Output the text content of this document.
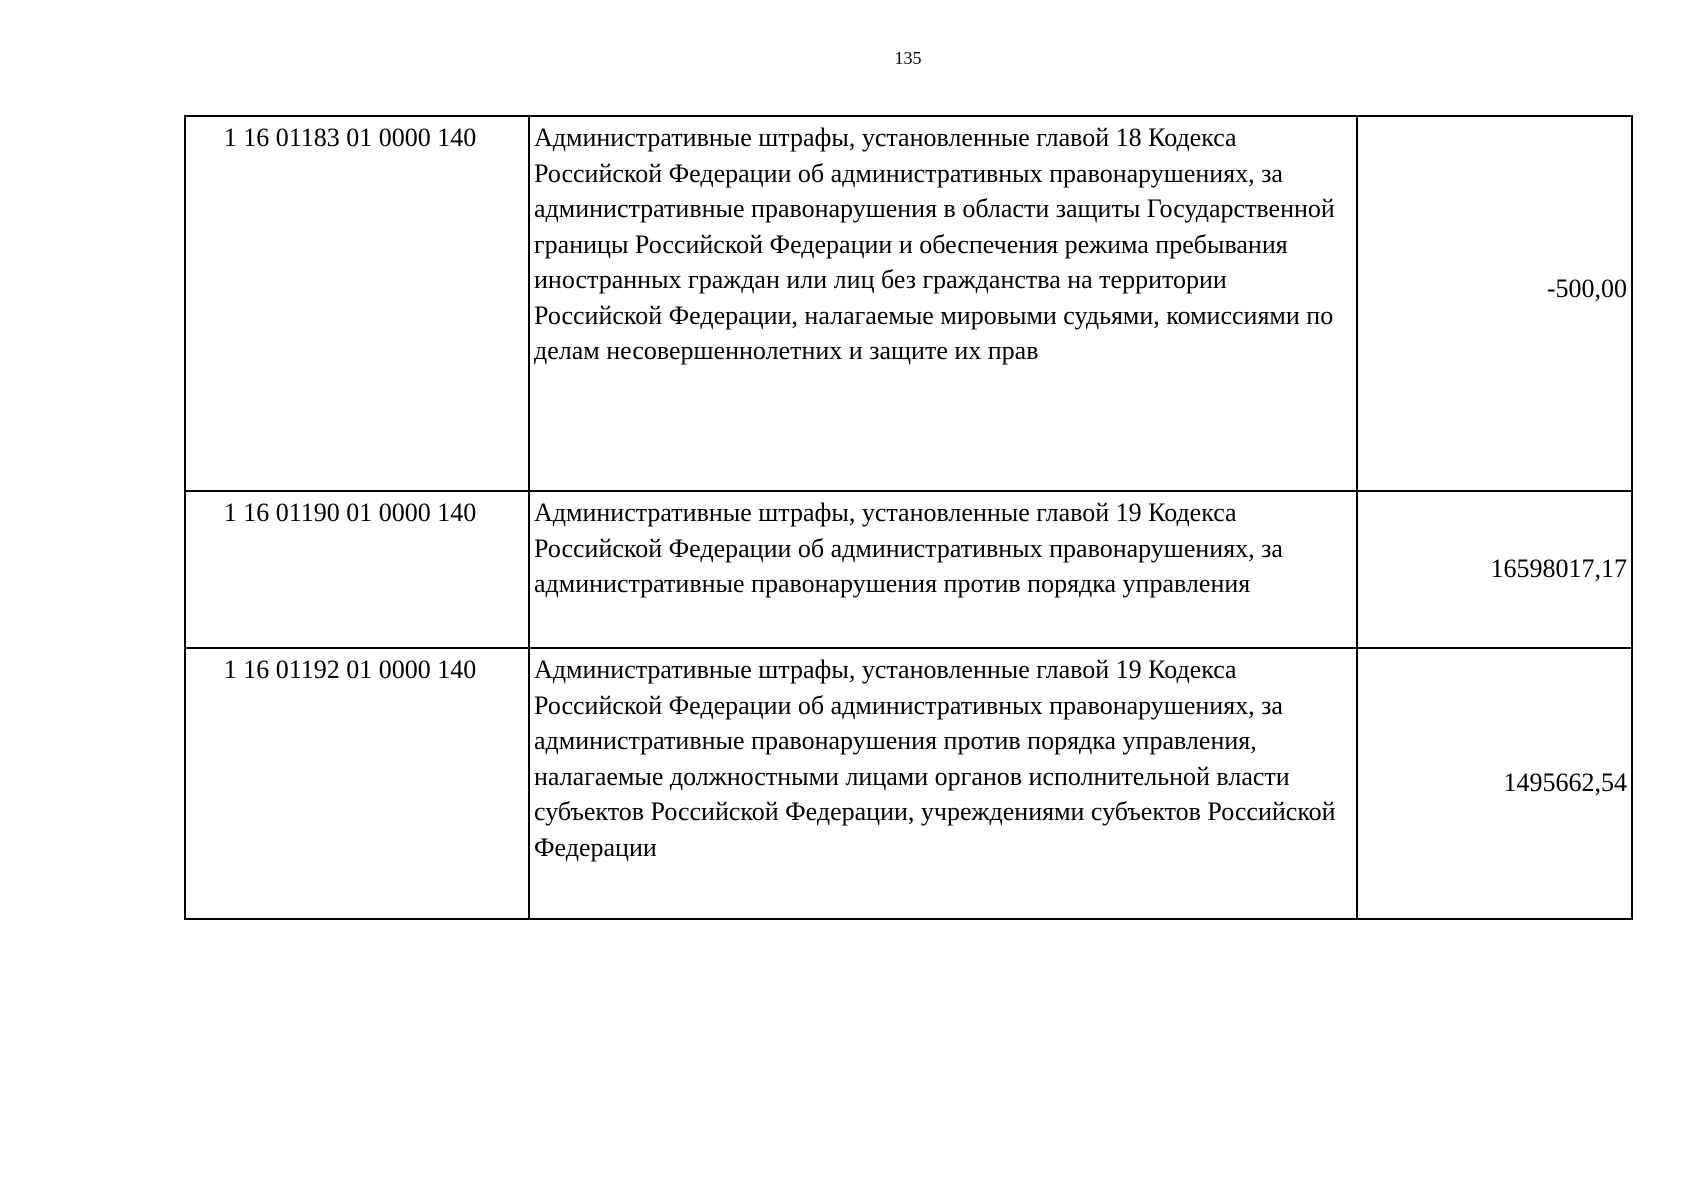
135
1 16 01183 01 0000 140	Административные штрафы, установленные главой 18 Кодекса Российской Федерации об административных правонарушениях, за административные правонарушения в области защиты Государственной границы Российской Федерации и обеспечения режима пребывания иностранных граждан или лиц без гражданства на территории Российской Федерации, налагаемые мировыми судьями, комиссиями по делам несовершеннолетних и защите их прав	-500,00
1 16 01190 01 0000 140	Административные штрафы, установленные главой 19 Кодекса Российской Федерации об административных правонарушениях, за административные правонарушения против порядка управления	16598017,17
1 16 01192 01 0000 140	Административные штрафы, установленные главой 19 Кодекса Российской Федерации об административных правонарушениях, за административные правонарушения против порядка управления, налагаемые должностными лицами органов исполнительной власти субъектов Российской Федерации, учреждениями субъектов Российской Федерации	1495662,54
